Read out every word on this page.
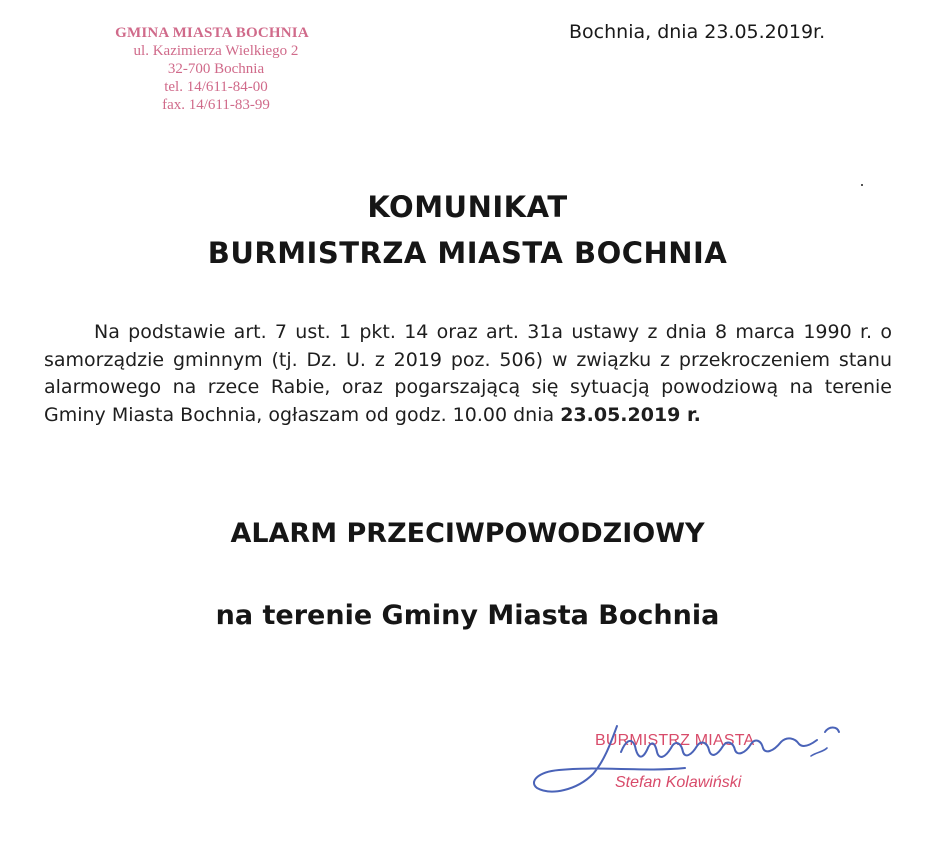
GMINA MIASTA BOCHNIA
ul. Kazimierza Wielkiego 2
32-700 Bochnia
tel. 14/611-84-00
fax. 14/611-83-99
Bochnia, dnia 23.05.2019r.
KOMUNIKAT
BURMISTRZA MIASTA BOCHNIA
Na podstawie art. 7 ust. 1 pkt. 14 oraz art. 31a ustawy z dnia 8 marca 1990 r. o samorządzie gminnym (tj. Dz. U. z 2019 poz. 506) w związku z przekroczeniem stanu alarmowego na rzece Rabie, oraz pogarszającą się sytuacją powodziową na terenie Gminy Miasta Bochnia, ogłaszam od godz. 10.00 dnia 23.05.2019 r.
ALARM PRZECIWPOWODZIOWY
na terenie Gminy Miasta Bochnia
BURMISTRZ MIASTA
Stefan Kolawiński
